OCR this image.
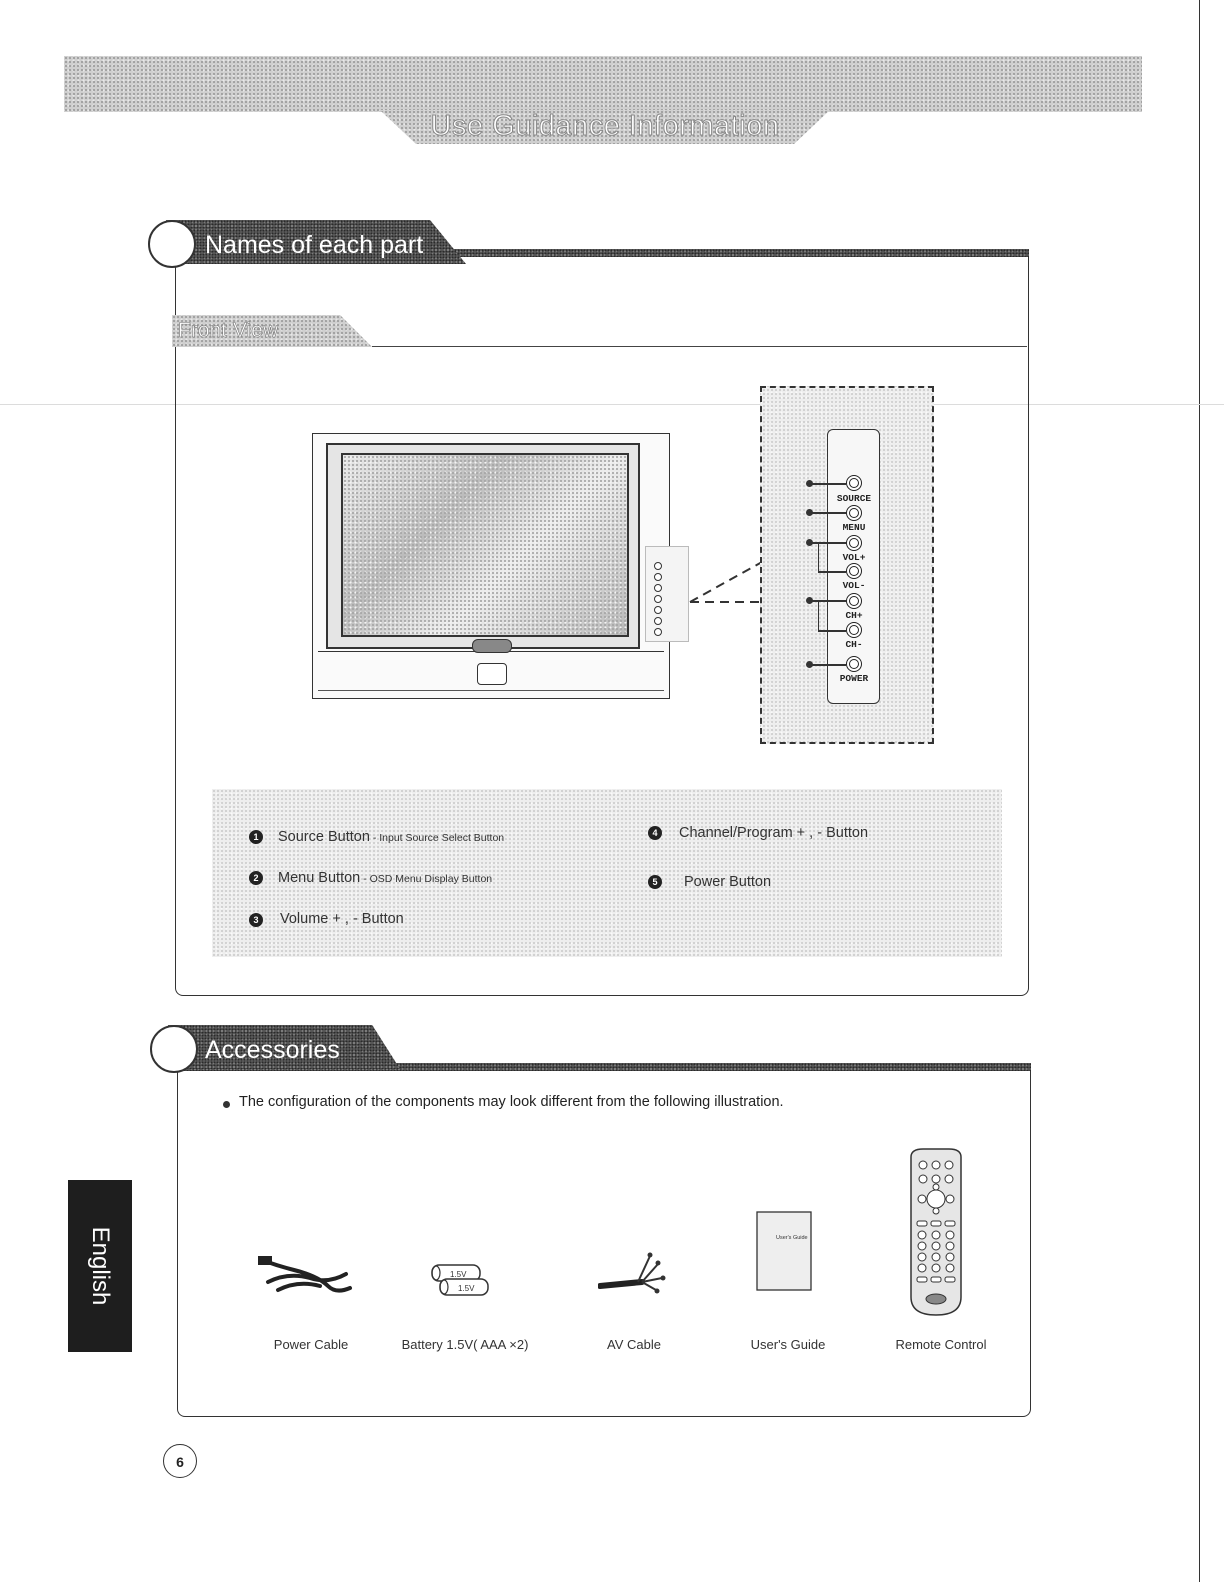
Use Guidance Information
Names of each part
Front View
SOURCE
MENU
VOL+
VOL-
CH+
CH-
POWER
1	Source Button - Input Source Select Button
2	Menu Button - OSD Menu Display Button
3	Volume + , - Button
4	Channel/Program + , - Button
5	Power Button
Accessories
The configuration of the components may look different from the following illustration.
1.5V
1.5V
User's Guide
Power Cable	Battery 1.5V( AAA ×2)	AV Cable	User's Guide	Remote Control
English
6
